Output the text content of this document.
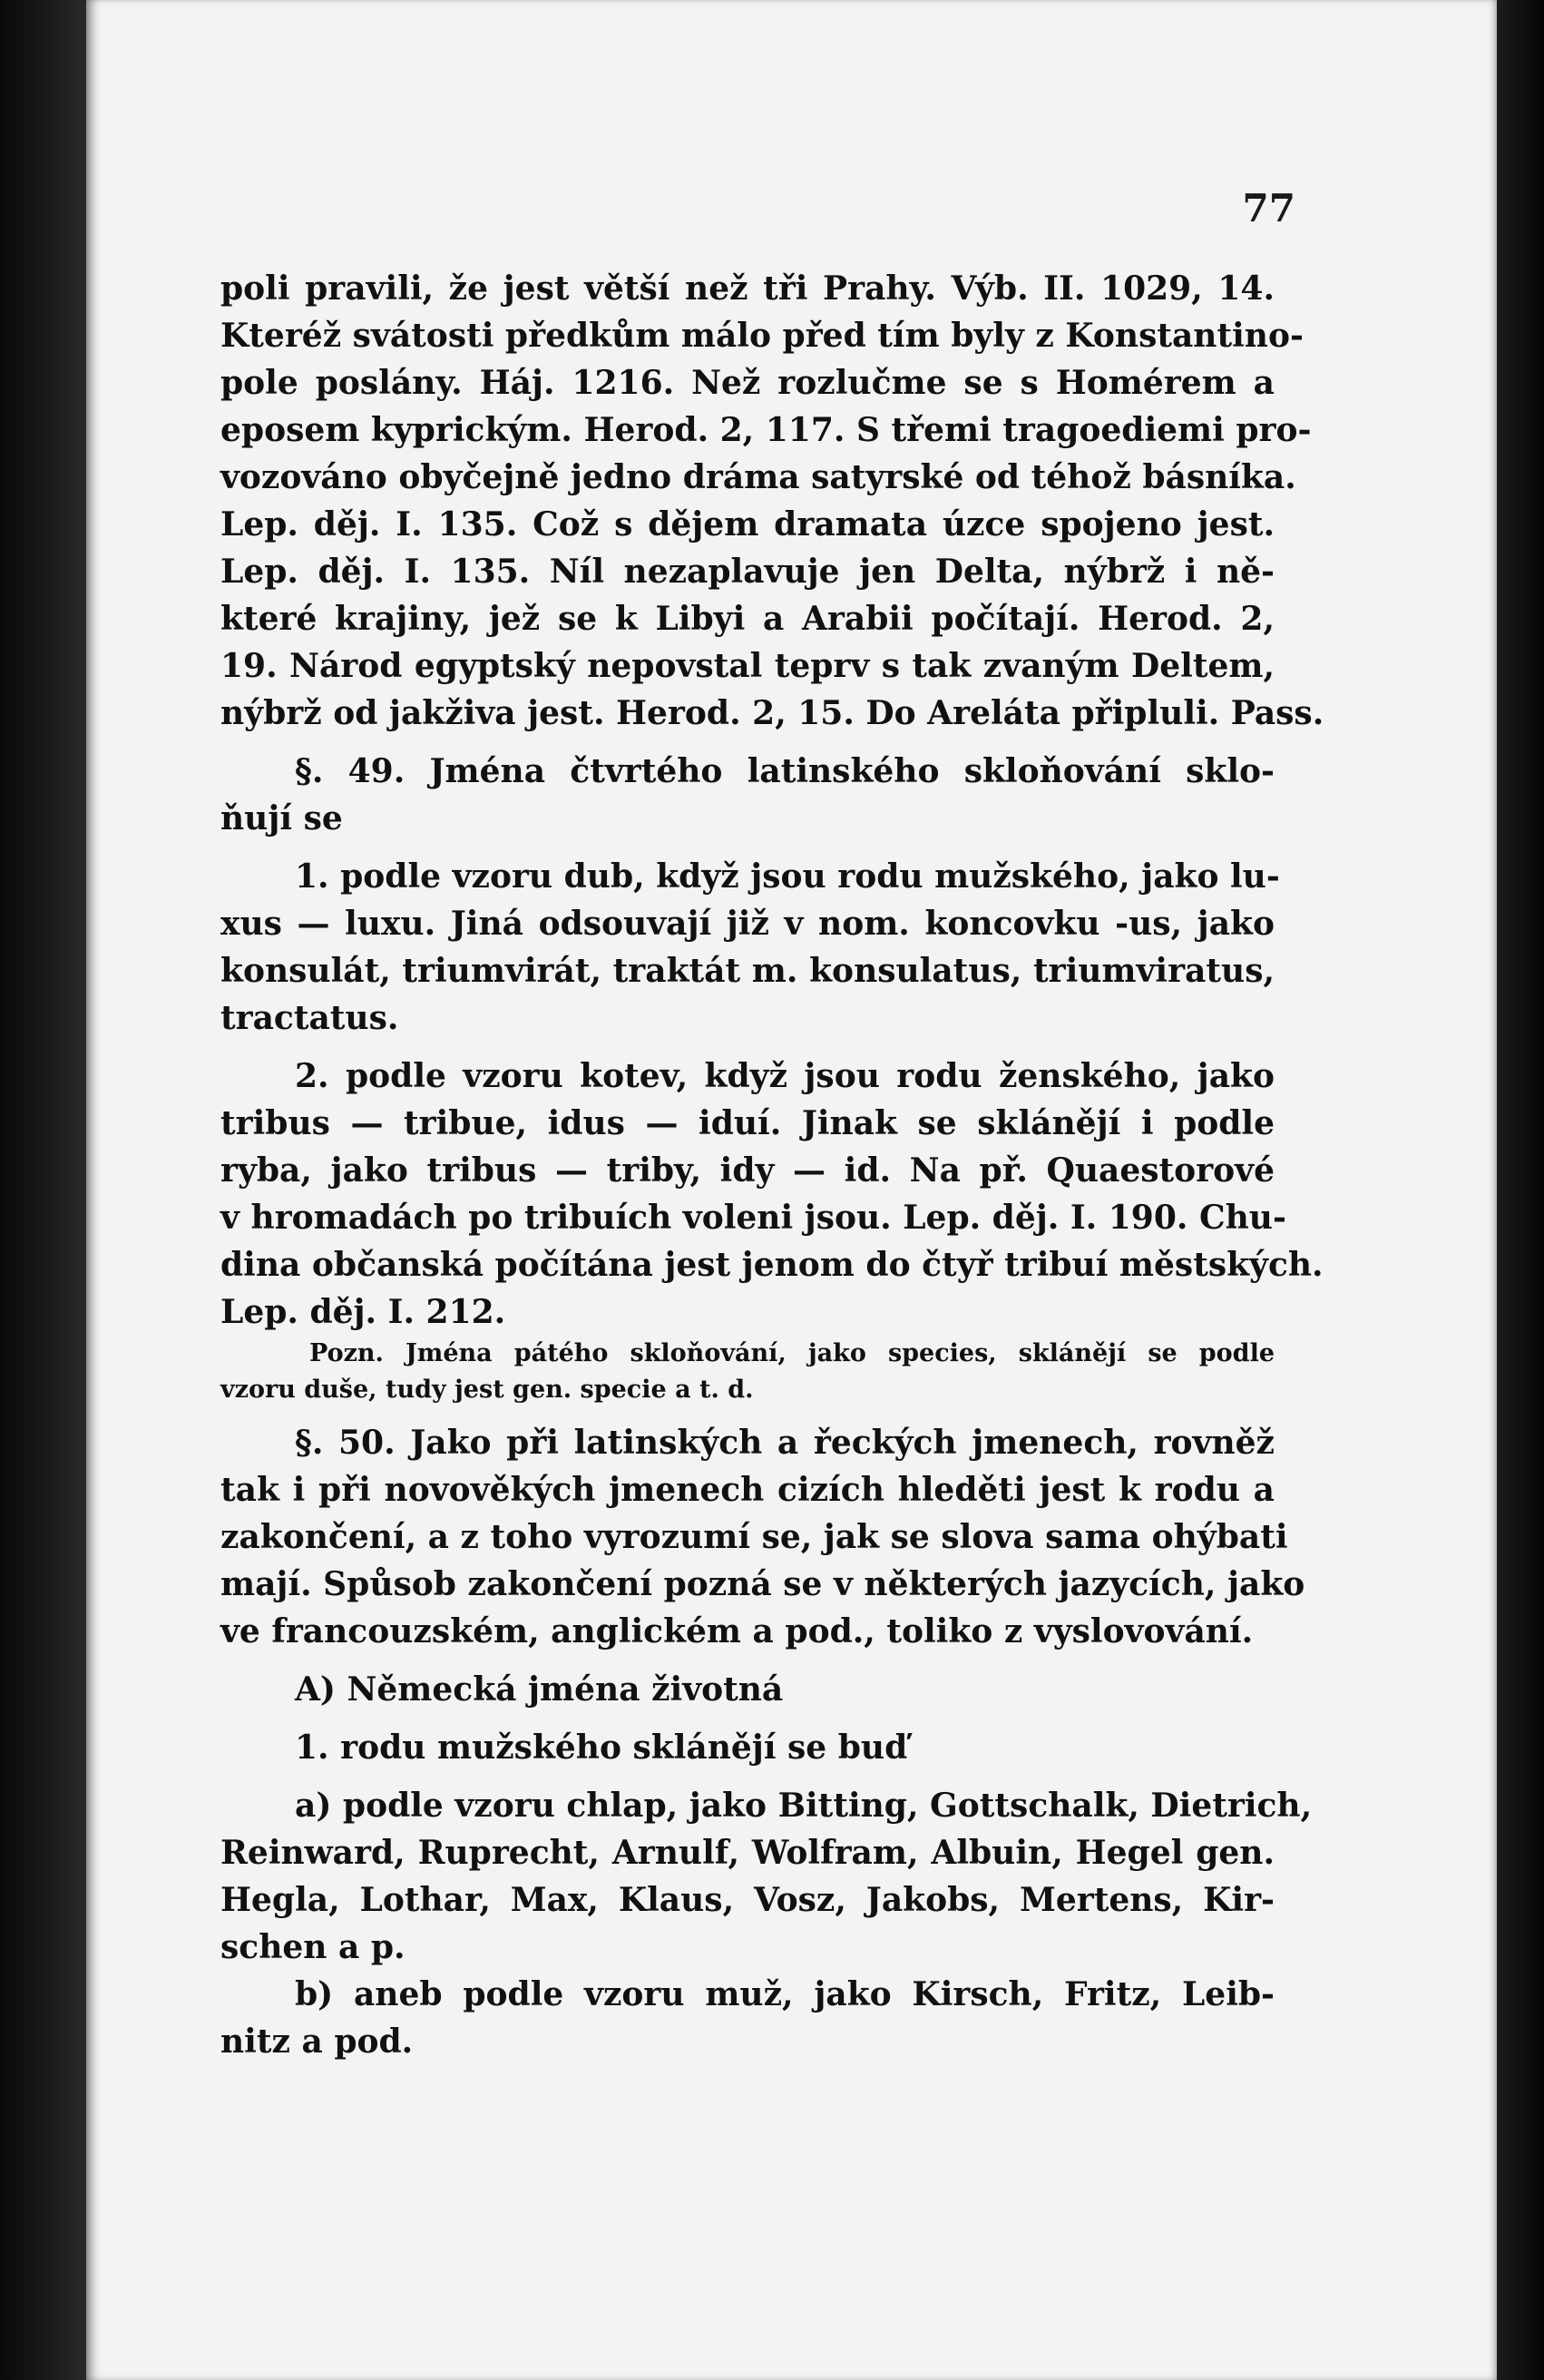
77
poli pravili, že jest větší než tři Prahy. Výb. II. 1029, 14.
Kteréž svátosti předkům málo před tím byly z Konstantino-
pole poslány. Háj. 1216. Než rozlučme se s Homérem a
eposem kyprickým. Herod. 2, 117. S třemi tragoediemi pro-
vozováno obyčejně jedno dráma satyrské od téhož básníka.
Lep. děj. I. 135. Což s dějem dramata úzce spojeno jest.
Lep. děj. I. 135. Níl nezaplavuje jen Delta, nýbrž i ně-
které krajiny, jež se k Libyi a Arabii počítají. Herod. 2,
19. Národ egyptský nepovstal teprv s tak zvaným Deltem,
nýbrž od jakživa jest. Herod. 2, 15. Do Areláta připluli. Pass.
§. 49. Jména čtvrtého latinského skloňování sklo-
ňují se
1. podle vzoru dub, když jsou rodu mužského, jako lu-
xus — luxu. Jiná odsouvají již v nom. koncovku -us, jako
konsulát, triumvirát, traktát m. konsulatus, triumviratus,
tractatus.
2. podle vzoru kotev, když jsou rodu ženského, jako
tribus — tribue, idus — iduí. Jinak se sklánějí i podle
ryba, jako tribus — triby, idy — id. Na př. Quaestorové
v hromadách po tribuích voleni jsou. Lep. děj. I. 190. Chu-
dina občanská počítána jest jenom do čtyř tribuí městských.
Lep. děj. I. 212.
Pozn. Jména pátého skloňování, jako species, sklánějí se podle
vzoru duše, tudy jest gen. specie a t. d.
§. 50. Jako při latinských a řeckých jmenech, rovněž
tak i při novověkých jmenech cizích hleděti jest k rodu a
zakončení, a z toho vyrozumí se, jak se slova sama ohýbati
mají. Spůsob zakončení pozná se v některých jazycích, jako
ve francouzském, anglickém a pod., toliko z vyslovování.
A) Německá jména životná
1. rodu mužského sklánějí se buď
a) podle vzoru chlap, jako Bitting, Gottschalk, Dietrich,
Reinward, Ruprecht, Arnulf, Wolfram, Albuin, Hegel gen.
Hegla, Lothar, Max, Klaus, Vosz, Jakobs, Mertens, Kir-
schen a p.
b) aneb podle vzoru muž, jako Kirsch, Fritz, Leib-
nitz a pod.
